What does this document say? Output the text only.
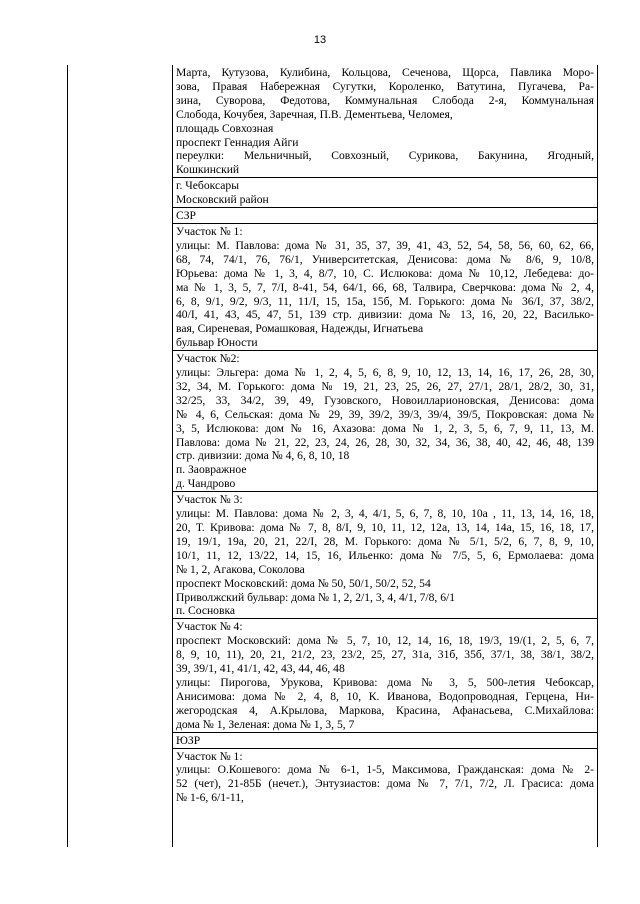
13
Марта, Кутузова, Кулибина, Кольцова, Сеченова, Щорса, Павлика Моро-
зова, Правая Набережная Сугутки, Короленко, Ватутина, Пугачева, Ра-
зина, Суворова, Федотова, Коммунальная Слобода 2-я, Коммунальная
Слобода, Кочубея, Заречная, П.В. Дементьева, Челомея,
площадь Совхозная
проспект Геннадия Айги
переулки: Мельничный, Совхозный, Сурикова, Бакунина, Ягодный,
Кошкинский
г. Чебоксары
Московский район
СЗР
Участок № 1:
улицы: М. Павлова: дома № 31, 35, 37, 39, 41, 43, 52, 54, 58, 56, 60, 62, 66,
68, 74, 74/1, 76, 76/1, Университетская, Денисова: дома № 8/6, 9, 10/8,
Юрьева: дома № 1, 3, 4, 8/7, 10, С. Ислюкова: дома № 10,12, Лебедева: до-
ма № 1, 3, 5, 7, 7/I, 8-41, 54, 64/1, 66, 68, Талвира, Сверчкова: дома № 2, 4,
6, 8, 9/1, 9/2, 9/3, 11, 11/I, 15, 15а, 15б, М. Горького: дома № 36/I, 37, 38/2,
40/I, 41, 43, 45, 47, 51, 139 стр. дивизии: дома № 13, 16, 20, 22, Василько-
вая, Сиреневая, Ромашковая, Надежды, Игнатьева
бульвар Юности
Участок №2:
улицы: Эльгера: дома № 1, 2, 4, 5, 6, 8, 9, 10, 12, 13, 14, 16, 17, 26, 28, 30,
32, 34, М. Горького: дома № 19, 21, 23, 25, 26, 27, 27/1, 28/1, 28/2, 30, 31,
32/25, 33, 34/2, 39, 49, Гузовского, Новоилларионовская, Денисова: дома
№ 4, 6, Сельская: дома № 29, 39, 39/2, 39/3, 39/4, 39/5, Покровская: дома №
3, 5, Ислюкова: дом № 16, Ахазова: дома № 1, 2, 3, 5, 6, 7, 9, 11, 13, М.
Павлова: дома № 21, 22, 23, 24, 26, 28, 30, 32, 34, 36, 38, 40, 42, 46, 48, 139
стр. дивизии: дома № 4, 6, 8, 10, 18
п. Заовражное
д. Чандрово
Участок № 3:
улицы: М. Павлова: дома № 2, 3, 4, 4/1, 5, 6, 7, 8, 10, 10а , 11, 13, 14, 16, 18,
20, Т. Кривова: дома № 7, 8, 8/I, 9, 10, 11, 12, 12а, 13, 14, 14а, 15, 16, 18, 17,
19, 19/1, 19а, 20, 21, 22/I, 28, М. Горького: дома № 5/1, 5/2, 6, 7, 8, 9, 10,
10/1, 11, 12, 13/22, 14, 15, 16, Ильенко: дома № 7/5, 5, 6, Ермолаева: дома
№ 1, 2, Агакова, Соколова
проспект Московский: дома № 50, 50/1, 50/2, 52, 54
Приволжский бульвар: дома № 1, 2, 2/1, 3, 4, 4/1, 7/8, 6/1
п. Сосновка
Участок № 4:
проспект Московский: дома № 5, 7, 10, 12, 14, 16, 18, 19/3, 19/(1, 2, 5, 6, 7,
8, 9, 10, 11), 20, 21, 21/2, 23, 23/2, 25, 27, 31а, 31б, 35б, 37/1, 38, 38/1, 38/2,
39, 39/1, 41, 41/1, 42, 43, 44, 46, 48
улицы: Пирогова, Урукова, Кривова: дома № 3, 5, 500-летия Чебоксар,
Анисимова: дома № 2, 4, 8, 10, К. Иванова, Водопроводная, Герцена, Ни-
жегородская 4, А.Крылова, Маркова, Красина, Афанасьева, С.Михайлова:
дома № 1, Зеленая: дома № 1, 3, 5, 7
ЮЗР
Участок № 1:
улицы: О.Кошевого: дома № 6-1, 1-5, Максимова, Гражданская: дома № 2-
52 (чет), 21-85Б (нечет.), Энтузиастов: дома № 7, 7/1, 7/2, Л. Грасиса: дома
№ 1-6, 6/1-11,
